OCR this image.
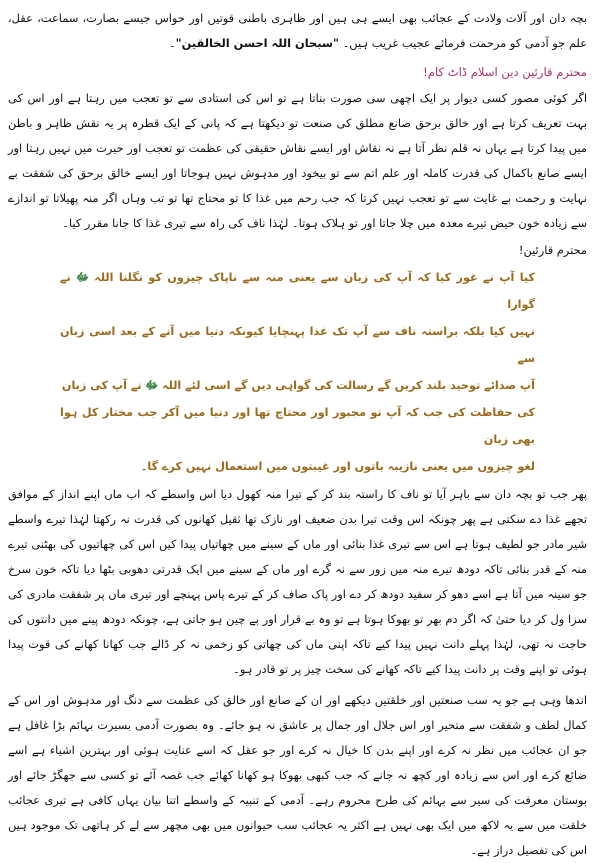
بچہ دان اور آلات ولادت کے عجائب بھی ایسے ہی ہیں اور ظاہری باطنی قوتیں اور حواس جیسے بصارت، سماعت، عقل، علم جو آدمی کو مرحمت فرمائے عجیب غریب ہیں۔ "سبحان اللہ احسن الخالقین"۔

محترم قارئین دین اسلام ڈاٹ کام!

اگر کوئی مصور کسی دیوار پر ایک اچھی سی صورت بناتا ہے تو اس کی استادی سے تو تعجب میں رہتا ہے اور اس کی بہت تعریف کرتا ہے اور خالق برحق صانع مطلق کی صنعت تو دیکھتا ہے کہ پانی کے ایک قطرہ پر یہ نقش ظاہر و باطن میں پیدا کرتا ہے یہاں نہ قلم نظر آتا ہے نہ نقاش اور ایسے نقاش حقیقی کی عظمت تو تعجب اور حیرت میں نہیں رہتا اور ایسے صانع باکمال کی قدرت کاملہ اور علم اتم سے تو بیخود اور مدہوش نہیں ہوجاتا اور ایسے خالق برحق کی شفقت بے نہایت و رحمت بے غایت سے تو تعجب نہیں کرتا کہ جب رحم میں غذا کا تو محتاج تھا تو تب وہاں اگر منہ پھیلاتا تو اندازے سے زیادہ خون حیض تیرے معدہ میں چلا جاتا اور تو ہلاک ہوتا۔ لہٰذا ناف کی راہ سے تیری غذا کا جانا مقرر کیا۔

محترم قارئین!

کیا آپ نے غور کیا کہ آپ کی زبان سے یعنی منہ سے ناپاک چیزوں کو نگلنا اللہ ﷻ نے گوارا

نہیں کیا بلکہ براستہ ناف سے آپ تک غذا پہنچایا کیونکہ دنیا میں آنے کے بعد اسی زبان سے

آپ صدائے توحید بلند کریں گے رسالت کی گواہی دیں گے اسی لئے اللہ ﷻ نے آپ کی زبان

کی حفاظت کی جب کہ آپ تو مجبور اور محتاج تھا اور دنیا میں آکر جب مختار کل ہوا بھی زبان

لغو چیزوں میں یعنی نازیبہ باتوں اور غیبتوں میں استعمال نہیں کرے گا۔

پھر جب تو بچہ دان سے باہر آیا تو ناف کا راستہ بند کر کے تیرا منہ کھول دیا اس واسطے کہ اب ماں اپنے انداز کے موافق تجھے غذا دے سکتی ہے پھر چونکہ اس وقت تیرا بدن ضعیف اور نازک تھا ثقیل کھانوں کی قدرت نہ رکھتا لہٰذا تیرے واسطے شیر مادر جو لطیف ہوتا ہے اس سے تیری غذا بنائی اور ماں کے سینے میں چھاتیاں پیدا کیں اس کی چھاتیوں کی بھٹنی تیرے منہ کے قدر بنائی تاکہ دودھ تیرے منہ میں زور سے نہ گرے اور ماں کے سینے میں ایک قدرتی دھوبی بٹھا دیا تاکہ خون سرخ جو سینہ میں آتا ہے اسے دھو کر سفید دودھ کر دے اور پاک صاف کر کے تیرے پاس پہنچے اور تیری ماں پر شفقت مادری کی سزا ول کر دیا حتیٰ کہ اگر دم بھر تو بھوکا ہوتا ہے تو وہ بے قرار اور بے چین ہو جاتی ہے، چونکہ دودھ پینے میں دانتوں کی حاجت نہ تھی، لہٰذا پہلے دانت نہیں پیدا کیے تاکہ اپنی ماں کی چھاتی کو زخمی نہ کر ڈالے جب کھانا کھانے کی قوت پیدا ہوئی تو اپنے وقت پر دانت پیدا کیے تاکہ کھانے کی سخت چیز پر تو قادر ہو۔

اندھا وہی ہے جو یہ سب صنعتیں اور خلقتیں دیکھے اور ان کے صانع اور خالق کی عظمت سے دنگ اور مدہوش اور اس کے کمال لطف و شفقت سے متحیر اور اس جلال اور جمال پر عاشق نہ ہو جائے۔ وہ بصورت آدمی بسیرت بہائم بڑا غافل ہے جو ان عجائب میں نظر نہ کرے اور اپنے بدن کا خیال نہ کرے اور جو عقل کہ اسے عنایت ہوئی اور بہترین اشیاء ہے اسے ضائع کرے اور اس سے زیادہ اور کچھ نہ جانے کہ جب کبھی بھوکا ہو کھانا کھائے جب غصہ آئے تو کسی سے جھگڑ جائے اور بوستان معرفت کی سیر سے بہائم کی طرح محروم رہے۔ آدمی کے تنبیہ کے واسطے اتنا بیان یہاں کافی ہے تیری عجائب خلقت میں سے یہ لاکھ میں ایک بھی نہیں ہے اکثر یہ عجائب سب حیوانوں میں بھی مچھر سے لے کر ہاتھی تک موجود ہیں اس کی تفصیل دراز ہے۔
